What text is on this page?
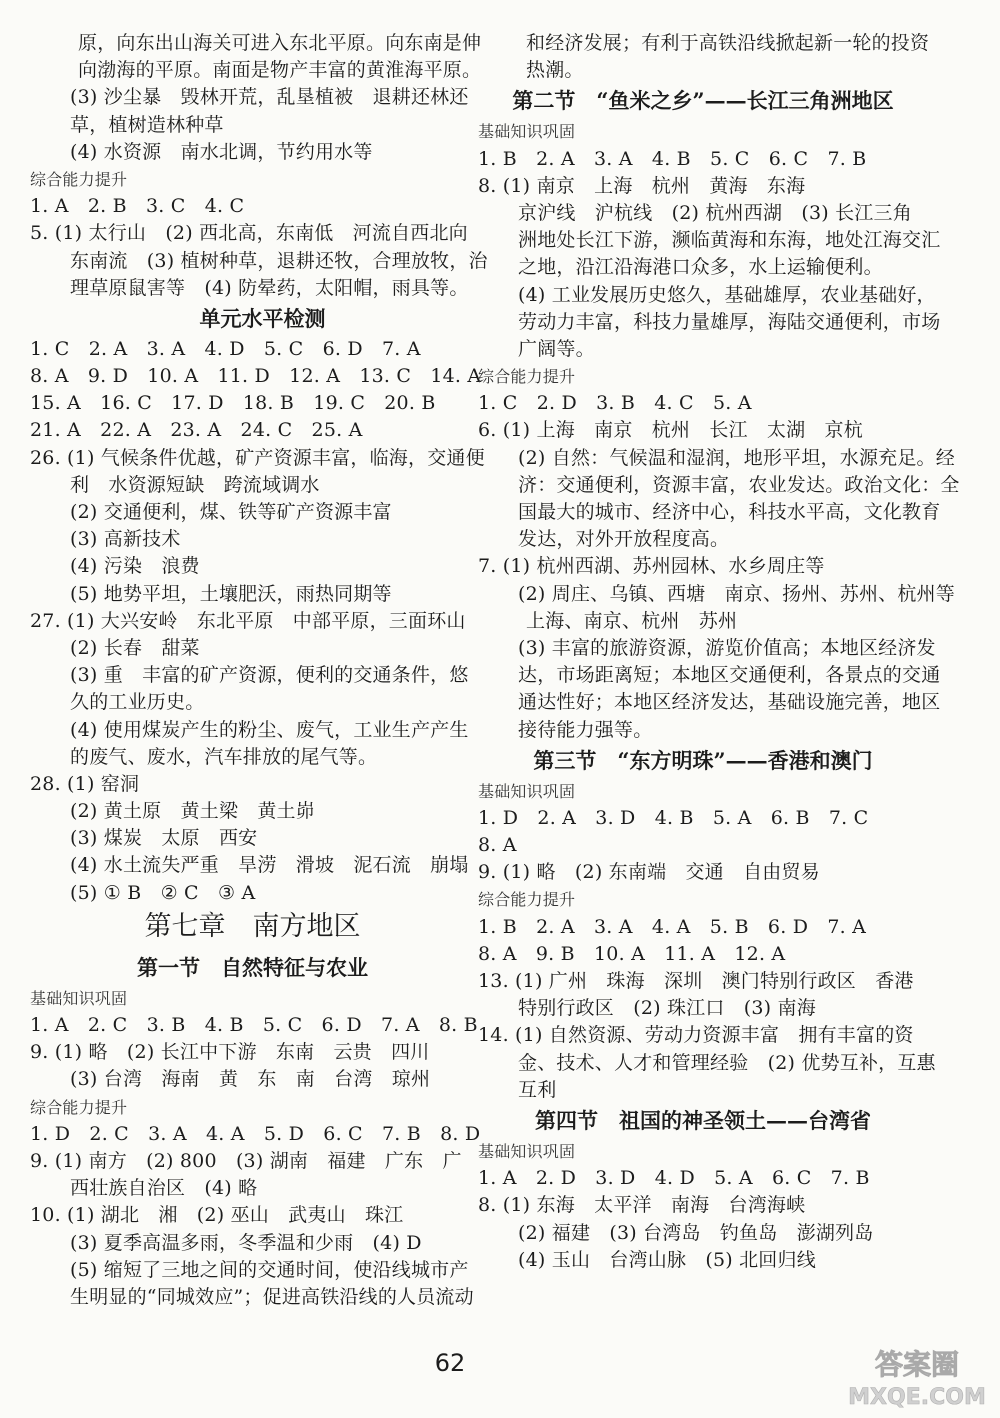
原，向东出山海关可进入东北平原。向东南是伸
向渤海的平原。南面是物产丰富的黄淮海平原。
(3) 沙尘暴　毁林开荒，乱垦植被　退耕还林还
草，植树造林种草
(4) 水资源　南水北调，节约用水等
综合能力提升
1. A　2. B　3. C　4. C
5. (1) 太行山　(2) 西北高，东南低　河流自西北向
东南流　(3) 植树种草，退耕还牧，合理放牧，治
理草原鼠害等　(4) 防晕药，太阳帽，雨具等。
单元水平检测
1. C　2. A　3. A　4. D　5. C　6. D　7. A
8. A　9. D　10. A　11. D　12. A　13. C　14. A
15. A　16. C　17. D　18. B　19. C　20. B
21. A　22. A　23. A　24. C　25. A
26. (1) 气候条件优越，矿产资源丰富，临海，交通便
利　水资源短缺　跨流域调水
(2) 交通便利，煤、铁等矿产资源丰富
(3) 高新技术
(4) 污染　浪费
(5) 地势平坦，土壤肥沃，雨热同期等
27. (1) 大兴安岭　东北平原　中部平原，三面环山
(2) 长春　甜菜
(3) 重　丰富的矿产资源，便利的交通条件，悠
久的工业历史。
(4) 使用煤炭产生的粉尘、废气，工业生产产生
的废气、废水，汽车排放的尾气等。
28. (1) 窑洞
(2) 黄土原　黄土梁　黄土峁
(3) 煤炭　太原　西安
(4) 水土流失严重　旱涝　滑坡　泥石流　崩塌
(5) ① B　② C　③ A
第七章　南方地区
第一节　自然特征与农业
基础知识巩固
1. A　2. C　3. B　4. B　5. C　6. D　7. A　8. B
9. (1) 略　(2) 长江中下游　东南　云贵　四川
(3) 台湾　海南　黄　东　南　台湾　琼州
综合能力提升
1. D　2. C　3. A　4. A　5. D　6. C　7. B　8. D
9. (1) 南方　(2) 800　(3) 湖南　福建　广东　广
西壮族自治区　(4) 略
10. (1) 湖北　湘　(2) 巫山　武夷山　珠江
(3) 夏季高温多雨，冬季温和少雨　(4) D
(5) 缩短了三地之间的交通时间，使沿线城市产
生明显的“同城效应”；促进高铁沿线的人员流动
和经济发展；有利于高铁沿线掀起新一轮的投资
热潮。
第二节　“鱼米之乡”——长江三角洲地区
基础知识巩固
1. B　2. A　3. A　4. B　5. C　6. C　7. B
8. (1) 南京　上海　杭州　黄海　东海
京沪线　沪杭线　(2) 杭州西湖　(3) 长江三角
洲地处长江下游，濒临黄海和东海，地处江海交汇
之地，沿江沿海港口众多，水上运输便利。
(4) 工业发展历史悠久，基础雄厚，农业基础好，
劳动力丰富，科技力量雄厚，海陆交通便利，市场
广阔等。
综合能力提升
1. C　2. D　3. B　4. C　5. A
6. (1) 上海　南京　杭州　长江　太湖　京杭
(2) 自然：气候温和湿润，地形平坦，水源充足。经
济：交通便利，资源丰富，农业发达。政治文化：全
国最大的城市、经济中心，科技水平高，文化教育
发达，对外开放程度高。
7. (1) 杭州西湖、苏州园林、水乡周庄等
(2) 周庄、乌镇、西塘　南京、扬州、苏州、杭州等
上海、南京、杭州　苏州
(3) 丰富的旅游资源，游览价值高；本地区经济发
达，市场距离短；本地区交通便利，各景点的交通
通达性好；本地区经济发达，基础设施完善，地区
接待能力强等。
第三节　“东方明珠”——香港和澳门
基础知识巩固
1. D　2. A　3. D　4. B　5. A　6. B　7. C
8. A
9. (1) 略　(2) 东南端　交通　自由贸易
综合能力提升
1. B　2. A　3. A　4. A　5. B　6. D　7. A
8. A　9. B　10. A　11. A　12. A
13. (1) 广州　珠海　深圳　澳门特别行政区　香港
特别行政区　(2) 珠江口　(3) 南海
14. (1) 自然资源、劳动力资源丰富　拥有丰富的资
金、技术、人才和管理经验　(2) 优势互补，互惠
互利
第四节　祖国的神圣领土——台湾省
基础知识巩固
1. A　2. D　3. D　4. D　5. A　6. C　7. B
8. (1) 东海　太平洋　南海　台湾海峡
(2) 福建　(3) 台湾岛　钓鱼岛　澎湖列岛
(4) 玉山　台湾山脉　(5) 北回归线
62	答案圈
MXQE.COM
